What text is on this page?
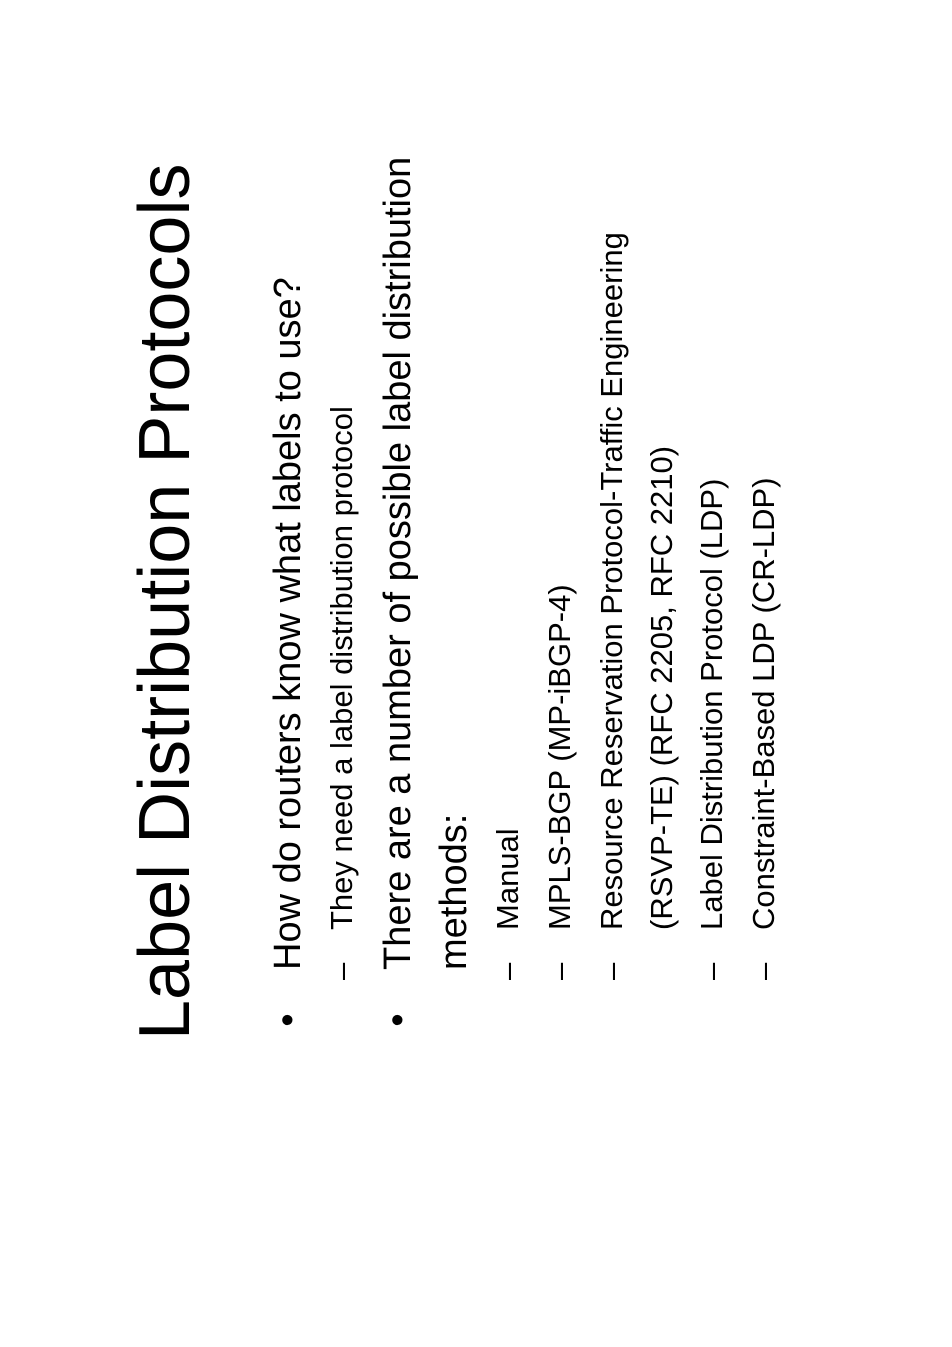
Label Distribution Protocols •
How do routers know what labels to use?
–
They need a label distribution protocol
•
There are a number of possible label distribution methods:
–
Manual
–
MPLS-BGP (MP-iBGP-4)
–
Resource Reservation Protocol-Traffic Engineering (RSVP-TE) (RFC 2205, RFC 2210)
–
Label Distribution Protocol (LDP)
–
Constraint-Based LDP (CR-LDP)
